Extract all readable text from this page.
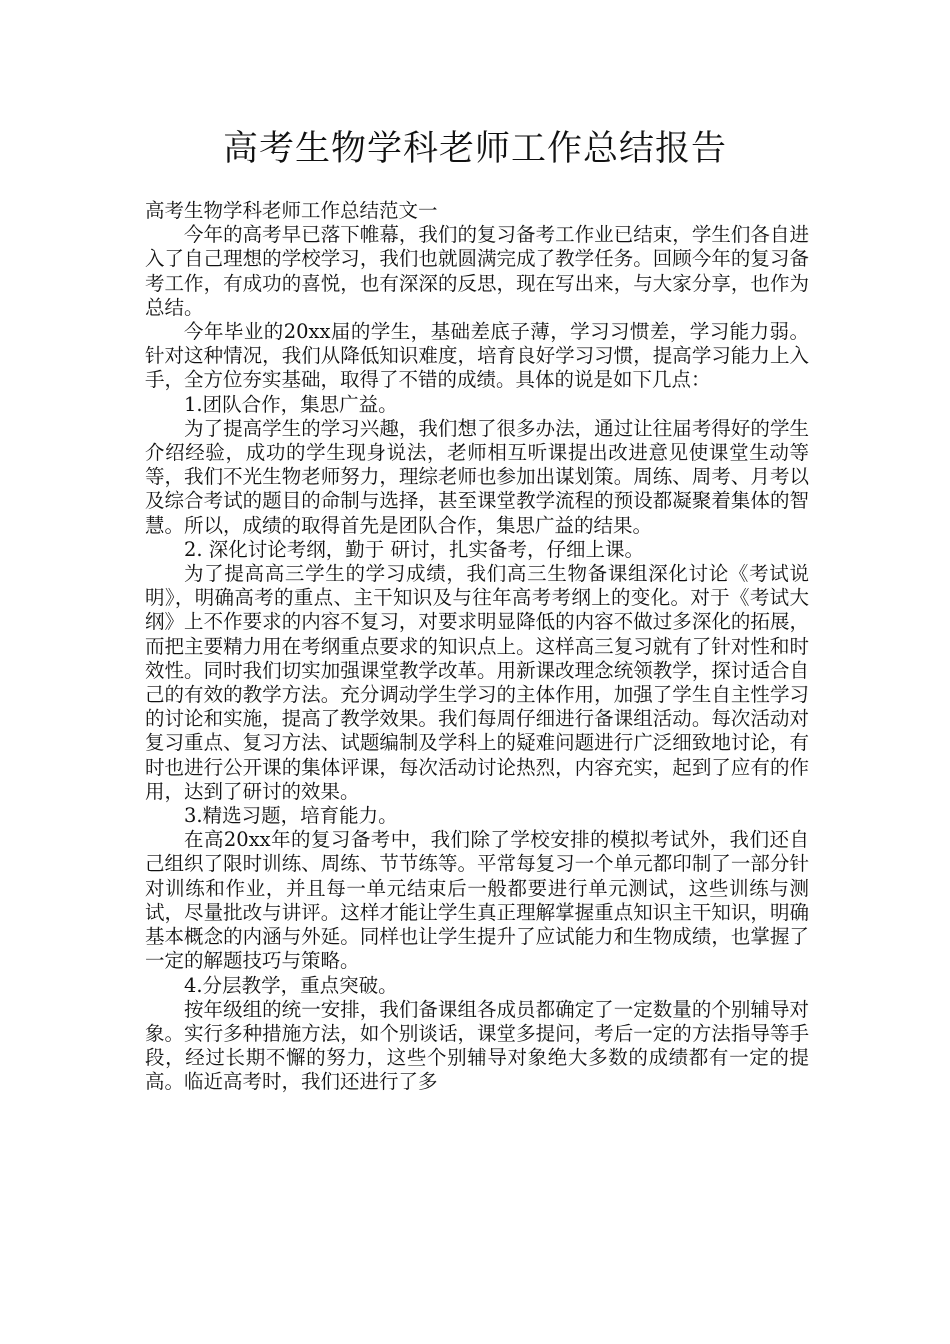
高考生物学科老师工作总结报告

高考生物学科老师工作总结范文一

今年的高考早已落下帷幕，我们的复习备考工作业已结束，学生们各自进入了自己理想的学校学习，我们也就圆满完成了教学任务。回顾今年的复习备考工作，有成功的喜悦，也有深深的反思，现在写出来，与大家分享，也作为总结。

今年毕业的20xx届的学生，基础差底子薄，学习习惯差，学习能力弱。针对这种情况，我们从降低知识难度，培育良好学习习惯，提高学习能力上入手，全方位夯实基础，取得了不错的成绩。具体的说是如下几点：

1.团队合作，集思广益。

为了提高学生的学习兴趣，我们想了很多办法，通过让往届考得好的学生介绍经验，成功的学生现身说法，老师相互听课提出改进意见使课堂生动等等，我们不光生物老师努力，理综老师也参加出谋划策。周练、周考、月考以及综合考试的题目的命制与选择，甚至课堂教学流程的预设都凝聚着集体的智慧。所以，成绩的取得首先是团队合作，集思广益的结果。

2. 深化讨论考纲，勤于 研讨，扎实备考，仔细上课。

为了提高高三学生的学习成绩，我们高三生物备课组深化讨论《考试说明》，明确高考的重点、主干知识及与往年高考考纲上的变化。对于《考试大纲》上不作要求的内容不复习，对要求明显降低的内容不做过多深化的拓展，而把主要精力用在考纲重点要求的知识点上。这样高三复习就有了针对性和时效性。同时我们切实加强课堂教学改革。用新课改理念统领教学，探讨适合自己的有效的教学方法。充分调动学生学习的主体作用，加强了学生自主性学习的讨论和实施，提高了教学效果。我们每周仔细进行备课组活动。每次活动对复习重点、复习方法、试题编制及学科上的疑难问题进行广泛细致地讨论，有时也进行公开课的集体评课，每次活动讨论热烈，内容充实，起到了应有的作用，达到了研讨的效果。

3.精选习题，培育能力。

在高20xx年的复习备考中，我们除了学校安排的模拟考试外，我们还自己组织了限时训练、周练、节节练等。平常每复习一个单元都印制了一部分针对训练和作业，并且每一单元结束后一般都要进行单元测试，这些训练与测试，尽量批改与讲评。这样才能让学生真正理解掌握重点知识主干知识，明确基本概念的内涵与外延。同样也让学生提升了应试能力和生物成绩，也掌握了一定的解题技巧与策略。

4.分层教学，重点突破。

按年级组的统一安排，我们备课组各成员都确定了一定数量的个别辅导对象。实行多种措施方法，如个别谈话，课堂多提问，考后一定的方法指导等手段，经过长期不懈的努力，这些个别辅导对象绝大多数的成绩都有一定的提高。临近高考时，我们还进行了多
